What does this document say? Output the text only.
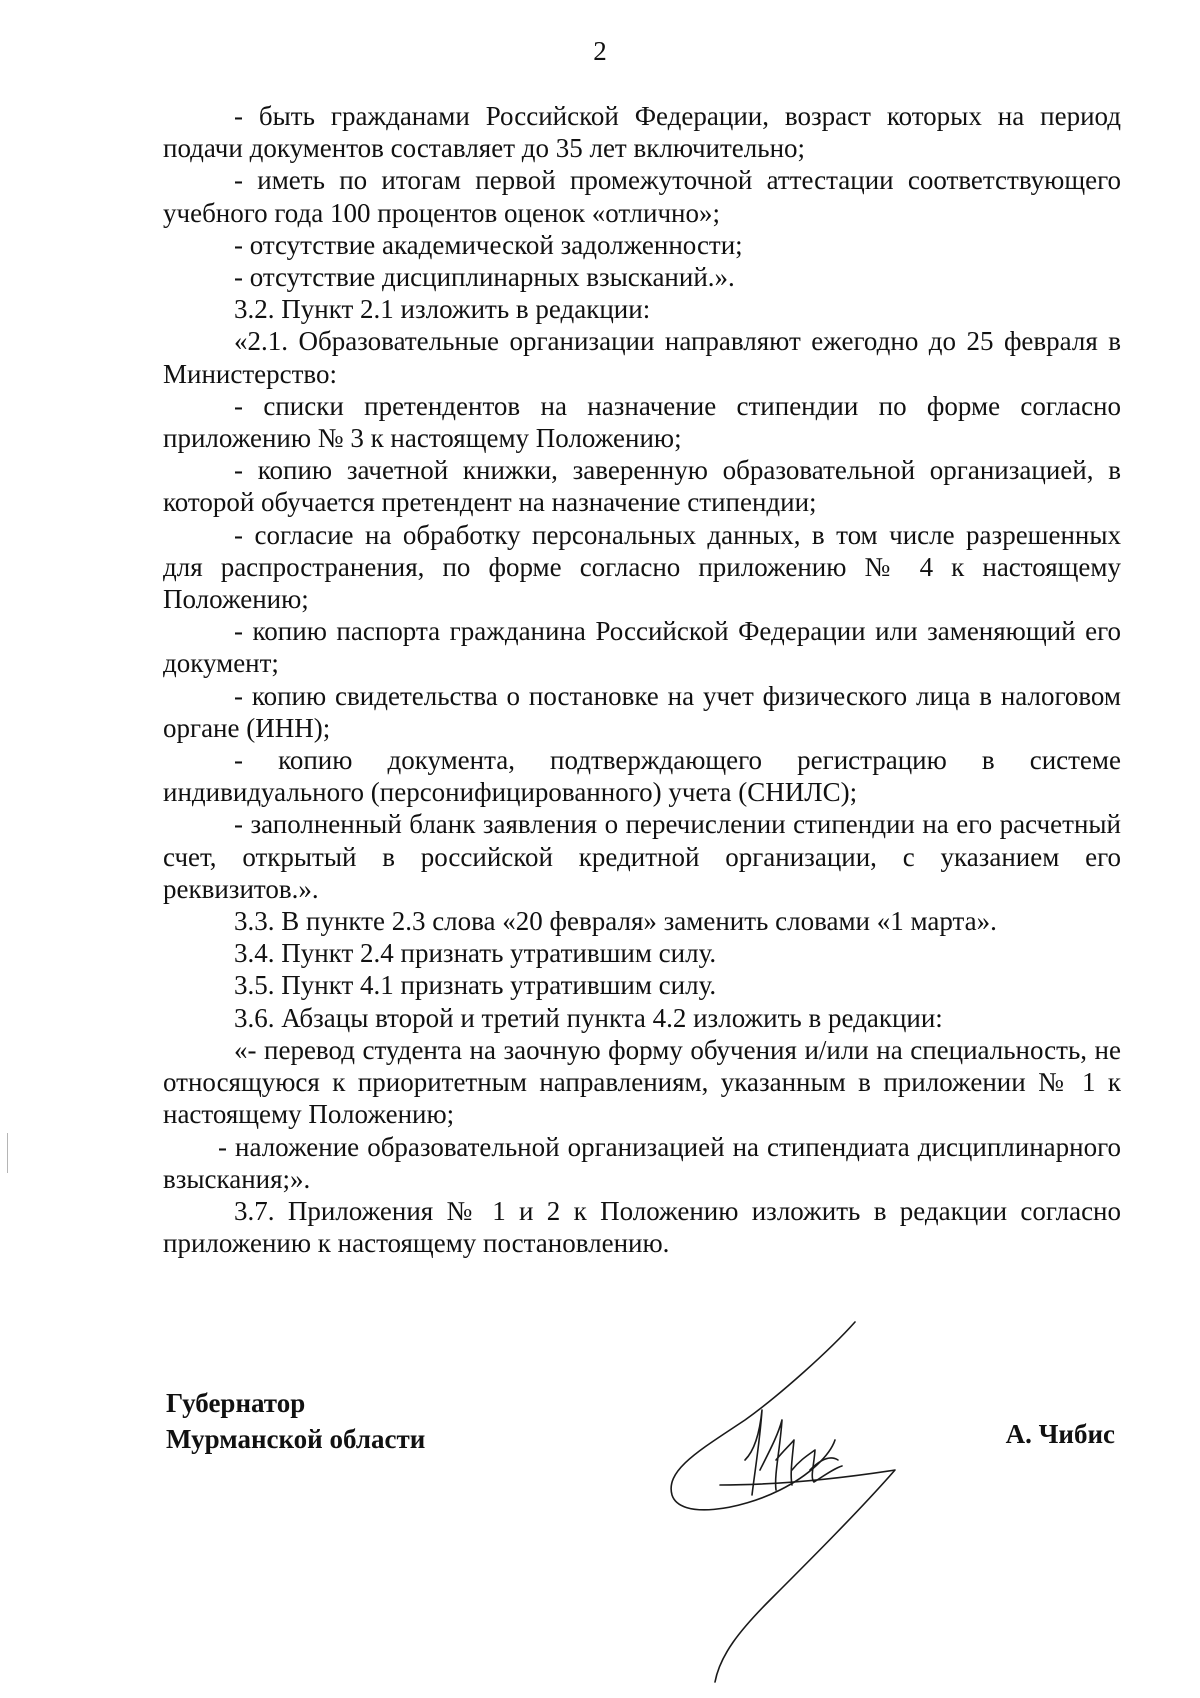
2

- быть гражданами Российской Федерации, возраст которых на период подачи документов составляет до 35 лет включительно;

- иметь по итогам первой промежуточной аттестации соответствующего учебного года 100 процентов оценок «отлично»;

- отсутствие академической задолженности;

- отсутствие дисциплинарных взысканий.».

3.2. Пункт 2.1 изложить в редакции:

«2.1. Образовательные организации направляют ежегодно до 25 февраля в Министерство:

- списки претендентов на назначение стипендии по форме согласно приложению № 3 к настоящему Положению;

- копию зачетной книжки, заверенную образовательной организацией, в которой обучается претендент на назначение стипендии;

- согласие на обработку персональных данных, в том числе разрешенных для распространения, по форме согласно приложению № 4 к настоящему Положению;

- копию паспорта гражданина Российской Федерации или заменяющий его документ;

- копию свидетельства о постановке на учет физического лица в налоговом органе (ИНН);

- копию документа, подтверждающего регистрацию в системе индивидуального (персонифицированного) учета (СНИЛС);

- заполненный бланк заявления о перечислении стипендии на его расчетный счет, открытый в российской кредитной организации, с указанием его реквизитов.».

3.3. В пункте 2.3 слова «20 февраля» заменить словами «1 марта».

3.4. Пункт 2.4 признать утратившим силу.

3.5. Пункт 4.1 признать утратившим силу.

3.6. Абзацы второй и третий пункта 4.2 изложить в редакции:

«- перевод студента на заочную форму обучения и/или на специальность, не относящуюся к приоритетным направлениям, указанным в приложении № 1 к настоящему Положению;

- наложение образовательной организацией на стипендиата дисциплинарного взыскания;».

3.7. Приложения № 1 и 2 к Положению изложить в редакции согласно приложению к настоящему постановлению.

Губернатор
Мурманской области	А. Чибис
